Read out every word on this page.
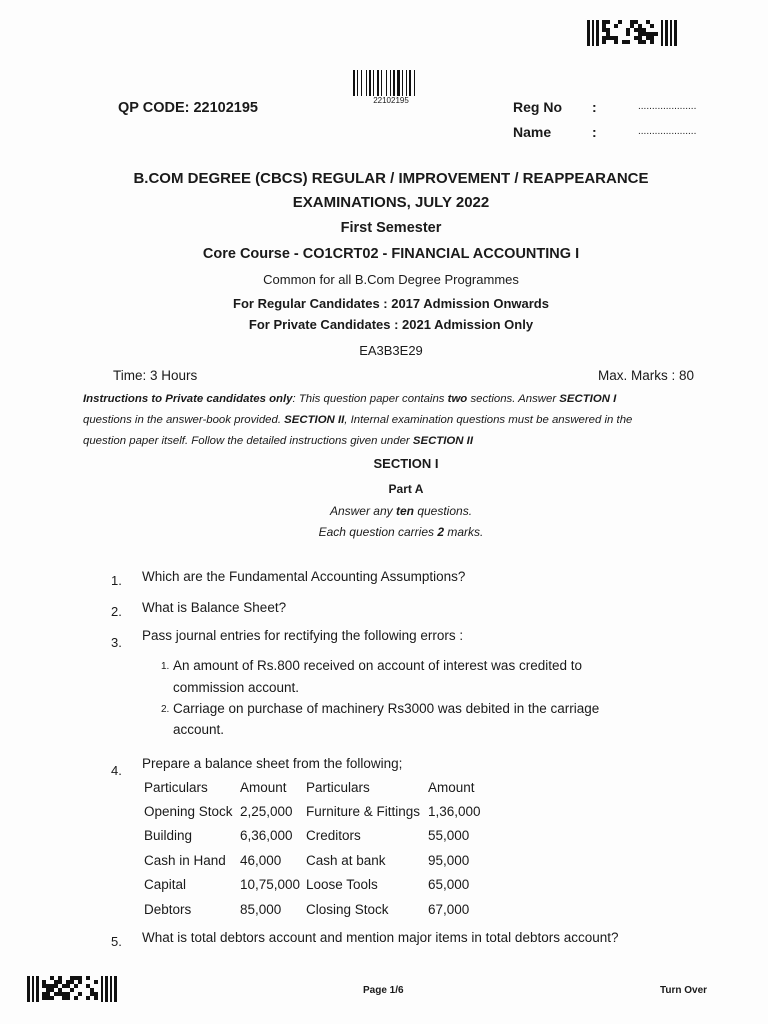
22102195
QP CODE: 22102195	Reg No :	.....................
Name	:	.....................
B.COM DEGREE (CBCS) REGULAR / IMPROVEMENT / REAPPEARANCE
EXAMINATIONS, JULY 2022
First Semester
Core Course - CO1CRT02 - FINANCIAL ACCOUNTING I
Common for all B.Com Degree Programmes
For Regular Candidates : 2017 Admission Onwards
For Private Candidates : 2021 Admission Only
EA3B3E29
Time: 3 Hours	Max. Marks : 80
Instructions to Private candidates only: This question paper contains two sections. Answer SECTION I
questions in the answer-book provided. SECTION II, Internal examination questions must be answered in the
question paper itself. Follow the detailed instructions given under SECTION II
SECTION I
Part A
Answer any ten questions.
Each question carries 2 marks.
1. Which are the Fundamental Accounting Assumptions?
2. What is Balance Sheet?
3. Pass journal entries for rectifying the following errors :
1. An amount of Rs.800 received on account of interest was credited to
commission account.
2. Carriage on purchase of machinery Rs3000 was debited in the carriage
account.
4. Prepare a balance sheet from the following;
Particulars	Amount	Particulars	Amount
Opening Stock	2,25,000	Furniture & Fittings	1,36,000
Building	6,36,000	Creditors	55,000
Cash in Hand	46,000	Cash at bank	95,000
Capital	10,75,000	Loose Tools	65,000
Debtors	85,000	Closing Stock	67,000
5. What is total debtors account and mention major items in total debtors account?
Page 1/6	Turn Over
